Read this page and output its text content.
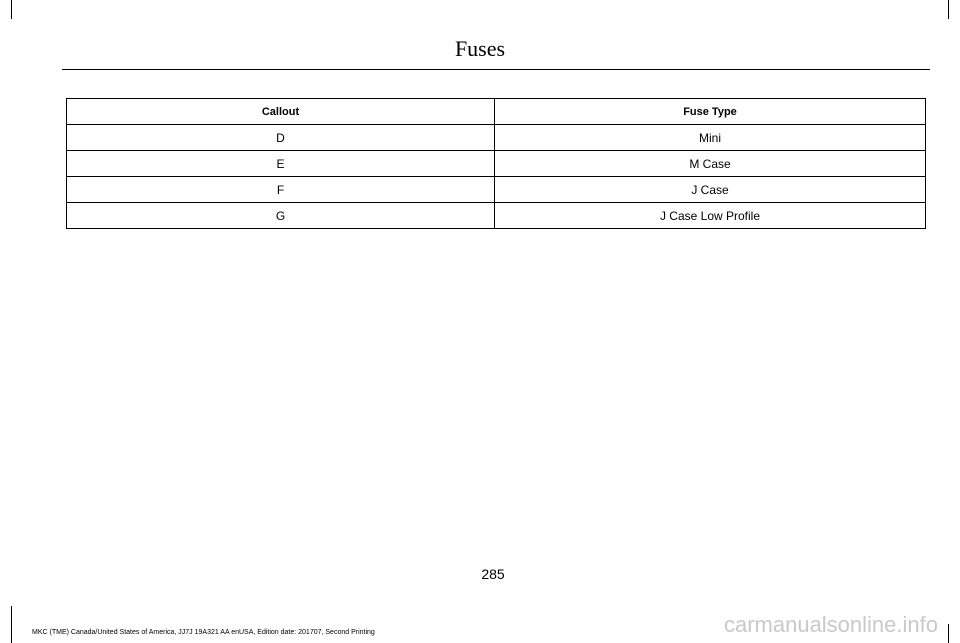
Fuses
Callout	Fuse Type
D	Mini
E	M Case
F	J Case
G	J Case Low Profile
285
MKC (TME) Canada/United States of America, JJ7J 19A321 AA enUSA, Edition date: 201707, Second Printing	carmanualsonline.info
